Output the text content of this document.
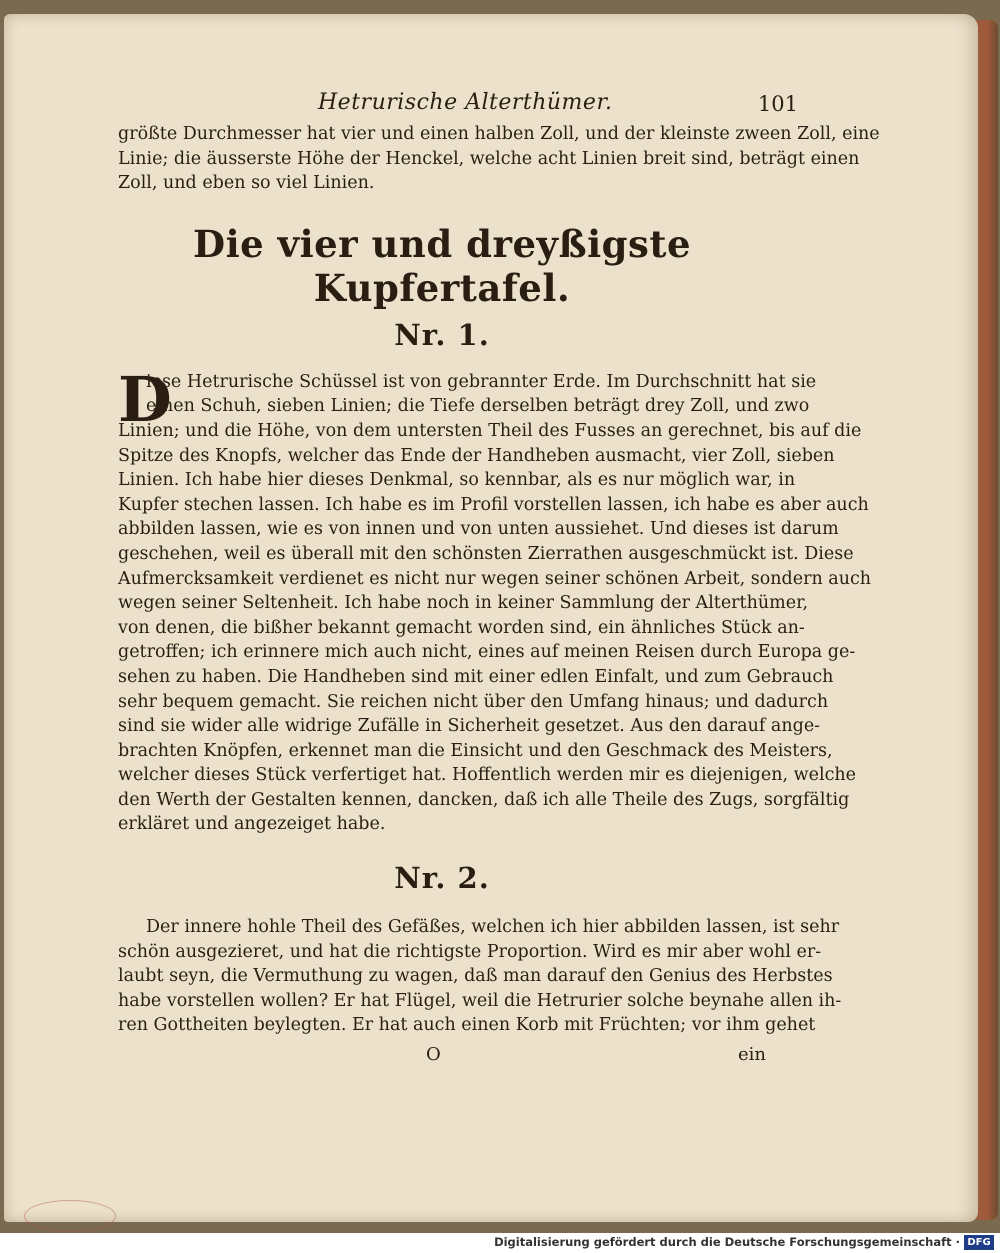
Hetrurische Alterthümer.	101
größte Durchmesser hat vier und einen halben Zoll, und der kleinste zween Zoll, eine
Linie; die äusserste Höhe der Henckel, welche acht Linien breit sind, beträgt einen
Zoll, und eben so viel Linien.
Die vier und dreyßigste Kupfertafel.
Nr. 1.
D
iese Hetrurische Schüssel ist von gebrannter Erde. Im Durchschnitt hat sie
einen Schuh, sieben Linien; die Tiefe derselben beträgt drey Zoll, und zwo
Linien; und die Höhe, von dem untersten Theil des Fusses an gerechnet, bis auf die
Spitze des Knopfs, welcher das Ende der Handheben ausmacht, vier Zoll, sieben
Linien. Ich habe hier dieses Denkmal, so kennbar, als es nur möglich war, in
Kupfer stechen lassen. Ich habe es im Profil vorstellen lassen, ich habe es aber auch
abbilden lassen, wie es von innen und von unten aussiehet. Und dieses ist darum
geschehen, weil es überall mit den schönsten Zierrathen ausgeschmückt ist. Diese
Aufmercksamkeit verdienet es nicht nur wegen seiner schönen Arbeit, sondern auch
wegen seiner Seltenheit. Ich habe noch in keiner Sammlung der Alterthümer,
von denen, die bißher bekannt gemacht worden sind, ein ähnliches Stück an-
getroffen; ich erinnere mich auch nicht, eines auf meinen Reisen durch Europa ge-
sehen zu haben. Die Handheben sind mit einer edlen Einfalt, und zum Gebrauch
sehr bequem gemacht. Sie reichen nicht über den Umfang hinaus; und dadurch
sind sie wider alle widrige Zufälle in Sicherheit gesetzet. Aus den darauf ange-
brachten Knöpfen, erkennet man die Einsicht und den Geschmack des Meisters,
welcher dieses Stück verfertiget hat. Hoffentlich werden mir es diejenigen, welche
den Werth der Gestalten kennen, dancken, daß ich alle Theile des Zugs, sorgfältig
erkläret und angezeiget habe.
Nr. 2.
Der innere hohle Theil des Gefäßes, welchen ich hier abbilden lassen, ist sehr
schön ausgezieret, und hat die richtigste Proportion. Wird es mir aber wohl er-
laubt seyn, die Vermuthung zu wagen, daß man darauf den Genius des Herbstes
habe vorstellen wollen? Er hat Flügel, weil die Hetrurier solche beynahe allen ih-
ren Gottheiten beylegten. Er hat auch einen Korb mit Früchten; vor ihm gehet
O	ein
Digitalisierung gefördert durch die Deutsche Forschungsgemeinschaft · DFG
